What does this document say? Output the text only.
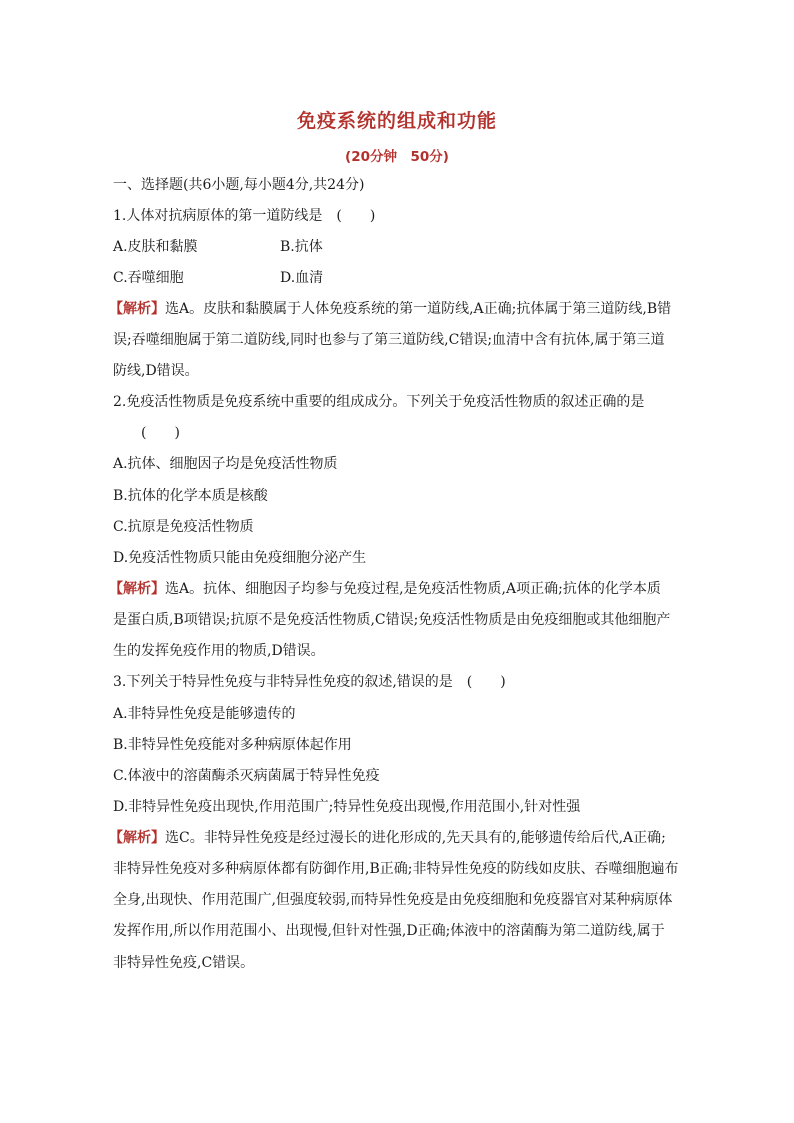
免疫系统的组成和功能
(20分钟　50分)
一、选择题(共6小题,每小题4分,共24分)
1.人体对抗病原体的第一道防线是　(　　)
A.皮肤和黏膜	B.抗体
C.吞噬细胞	D.血清
【解析】选A。皮肤和黏膜属于人体免疫系统的第一道防线,A正确;抗体属于第三道防线,B错
误;吞噬细胞属于第二道防线,同时也参与了第三道防线,C错误;血清中含有抗体,属于第三道
防线,D错误。
2.免疫活性物质是免疫系统中重要的组成成分。下列关于免疫活性物质的叙述正确的是
(　　)
A.抗体、细胞因子均是免疫活性物质
B.抗体的化学本质是核酸
C.抗原是免疫活性物质
D.免疫活性物质只能由免疫细胞分泌产生
【解析】选A。抗体、细胞因子均参与免疫过程,是免疫活性物质,A项正确;抗体的化学本质
是蛋白质,B项错误;抗原不是免疫活性物质,C错误;免疫活性物质是由免疫细胞或其他细胞产
生的发挥免疫作用的物质,D错误。
3.下列关于特异性免疫与非特异性免疫的叙述,错误的是　(　　)
A.非特异性免疫是能够遗传的
B.非特异性免疫能对多种病原体起作用
C.体液中的溶菌酶杀灭病菌属于特异性免疫
D.非特异性免疫出现快,作用范围广;特异性免疫出现慢,作用范围小,针对性强
【解析】选C。非特异性免疫是经过漫长的进化形成的,先天具有的,能够遗传给后代,A正确;
非特异性免疫对多种病原体都有防御作用,B正确;非特异性免疫的防线如皮肤、吞噬细胞遍布
全身,出现快、作用范围广,但强度较弱,而特异性免疫是由免疫细胞和免疫器官对某种病原体
发挥作用,所以作用范围小、出现慢,但针对性强,D正确;体液中的溶菌酶为第二道防线,属于
非特异性免疫,C错误。
